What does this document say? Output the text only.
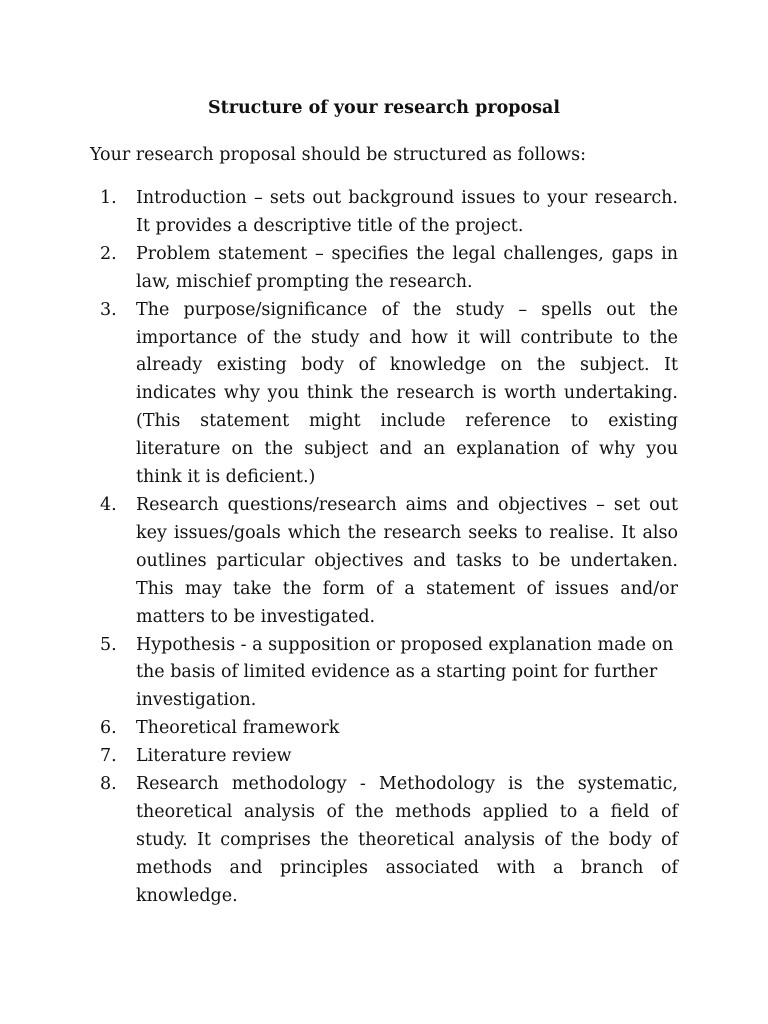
Structure of your research proposal
Your research proposal should be structured as follows:
1.	Introduction – sets out background issues to your research. It provides a descriptive title of the project.
2.	Problem statement – specifies the legal challenges, gaps in law, mischief prompting the research.
3.	The purpose/significance of the study – spells out the importance of the study and how it will contribute to the already existing body of knowledge on the subject. It indicates why you think the research is worth undertaking. (This statement might include reference to existing literature on the subject and an explanation of why you think it is deficient.)
4.	Research questions/research aims and objectives – set out key issues/goals which the research seeks to realise. It also outlines particular objectives and tasks to be undertaken. This may take the form of a statement of issues and/or matters to be investigated.
5.	Hypothesis - a supposition or proposed explanation made on the basis of limited evidence as a starting point for further investigation.
6.	Theoretical framework
7.	Literature review
8.	Research methodology - Methodology is the systematic, theoretical analysis of the methods applied to a field of study. It comprises the theoretical analysis of the body of methods and principles associated with a branch of knowledge.
